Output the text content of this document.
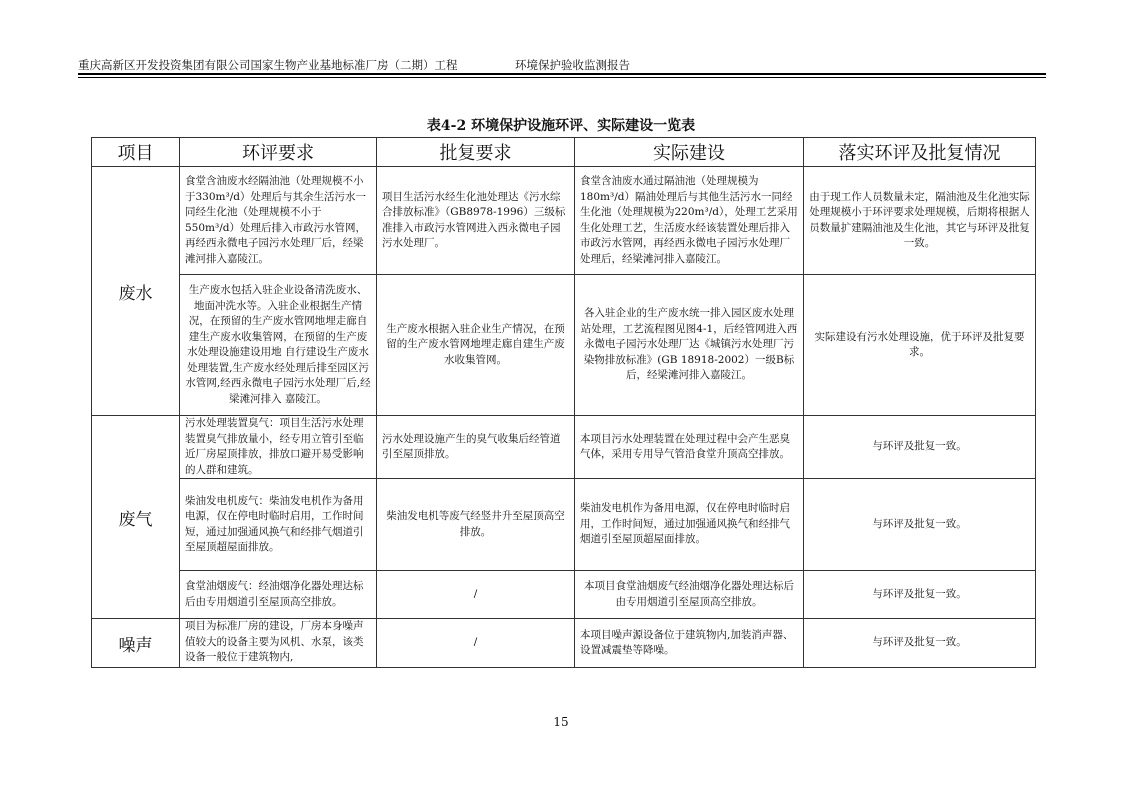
重庆高新区开发投资集团有限公司国家生物产业基地标准厂房（二期）工程	环境保护验收监测报告
表4-2 环境保护设施环评、实际建设一览表
项目	环评要求	批复要求	实际建设	落实环评及批复情况
废水	食堂含油废水经隔油池（处理规模不小于330m³/d）处理后与其余生活污水一同经生化池（处理规模不小于550m³/d）处理后排入市政污水管网，再经西永微电子园污水处理厂后，经梁滩河排入嘉陵江。	项目生活污水经生化池处理达《污水综合排放标准》（GB8978-1996）三级标准排入市政污水管网进入西永微电子园污水处理厂。	食堂含油废水通过隔油池（处理规模为180m³/d）隔油处理后与其他生活污水一同经生化池（处理规模为220m³/d），处理工艺采用生化处理工艺，生活废水经该装置处理后排入市政污水管网，再经西永微电子园污水处理厂处理后，经梁滩河排入嘉陵江。	由于现工作人员数量未定，隔油池及生化池实际处理规模小于环评要求处理规模，后期将根据人员数量扩建隔油池及生化池，其它与环评及批复一致。
	生产废水包括入驻企业设备清洗废水、地面冲洗水等。入驻企业根据生产情况，在预留的生产废水管网地埋走廊自建生产废水收集管网，在预留的生产废水处理设施建设用地 自行建设生产废水处理装置,生产废水经处理后排至园区污水管网,经西永微电子园污水处理厂后,经梁滩河排入 嘉陵江。	生产废水根据入驻企业生产情况，在预留的生产废水管网地埋走廊自建生产废水收集管网。	各入驻企业的生产废水统一排入园区废水处理站处理，工艺流程图见图4-1，后经管网进入西永微电子园污水处理厂达《城镇污水处理厂污染物排放标准》(GB 18918-2002）一级B标后，经梁滩河排入嘉陵江。	实际建设有污水处理设施，优于环评及批复要求。
废气	污水处理装置臭气：项目生活污水处理装置臭气排放量小，经专用立管引至临近厂房屋顶排放，排放口避开易受影响的人群和建筑。	污水处理设施产生的臭气收集后经管道引至屋顶排放。	本项目污水处理装置在处理过程中会产生恶臭气体，采用专用导气管沿食堂升顶高空排放。	与环评及批复一致。
	柴油发电机废气：柴油发电机作为备用电源，仅在停电时临时启用，工作时间短，通过加强通风换气和经排气烟道引至屋顶超屋面排放。	柴油发电机等废气经竖井升至屋顶高空排放。	柴油发电机作为备用电源，仅在停电时临时启用，工作时间短，通过加强通风换气和经排气烟道引至屋顶超屋面排放。	与环评及批复一致。
	食堂油烟废气：经油烟净化器处理达标后由专用烟道引至屋顶高空排放。	/	本项目食堂油烟废气经油烟净化器处理达标后由专用烟道引至屋顶高空排放。	与环评及批复一致。
噪声	项目为标准厂房的建设，厂房本身噪声值较大的设备主要为风机、水泵，该类设备一般位于建筑物内,	/	本项目噪声源设备位于建筑物内,加装消声器、设置减震垫等降噪。	与环评及批复一致。
15
